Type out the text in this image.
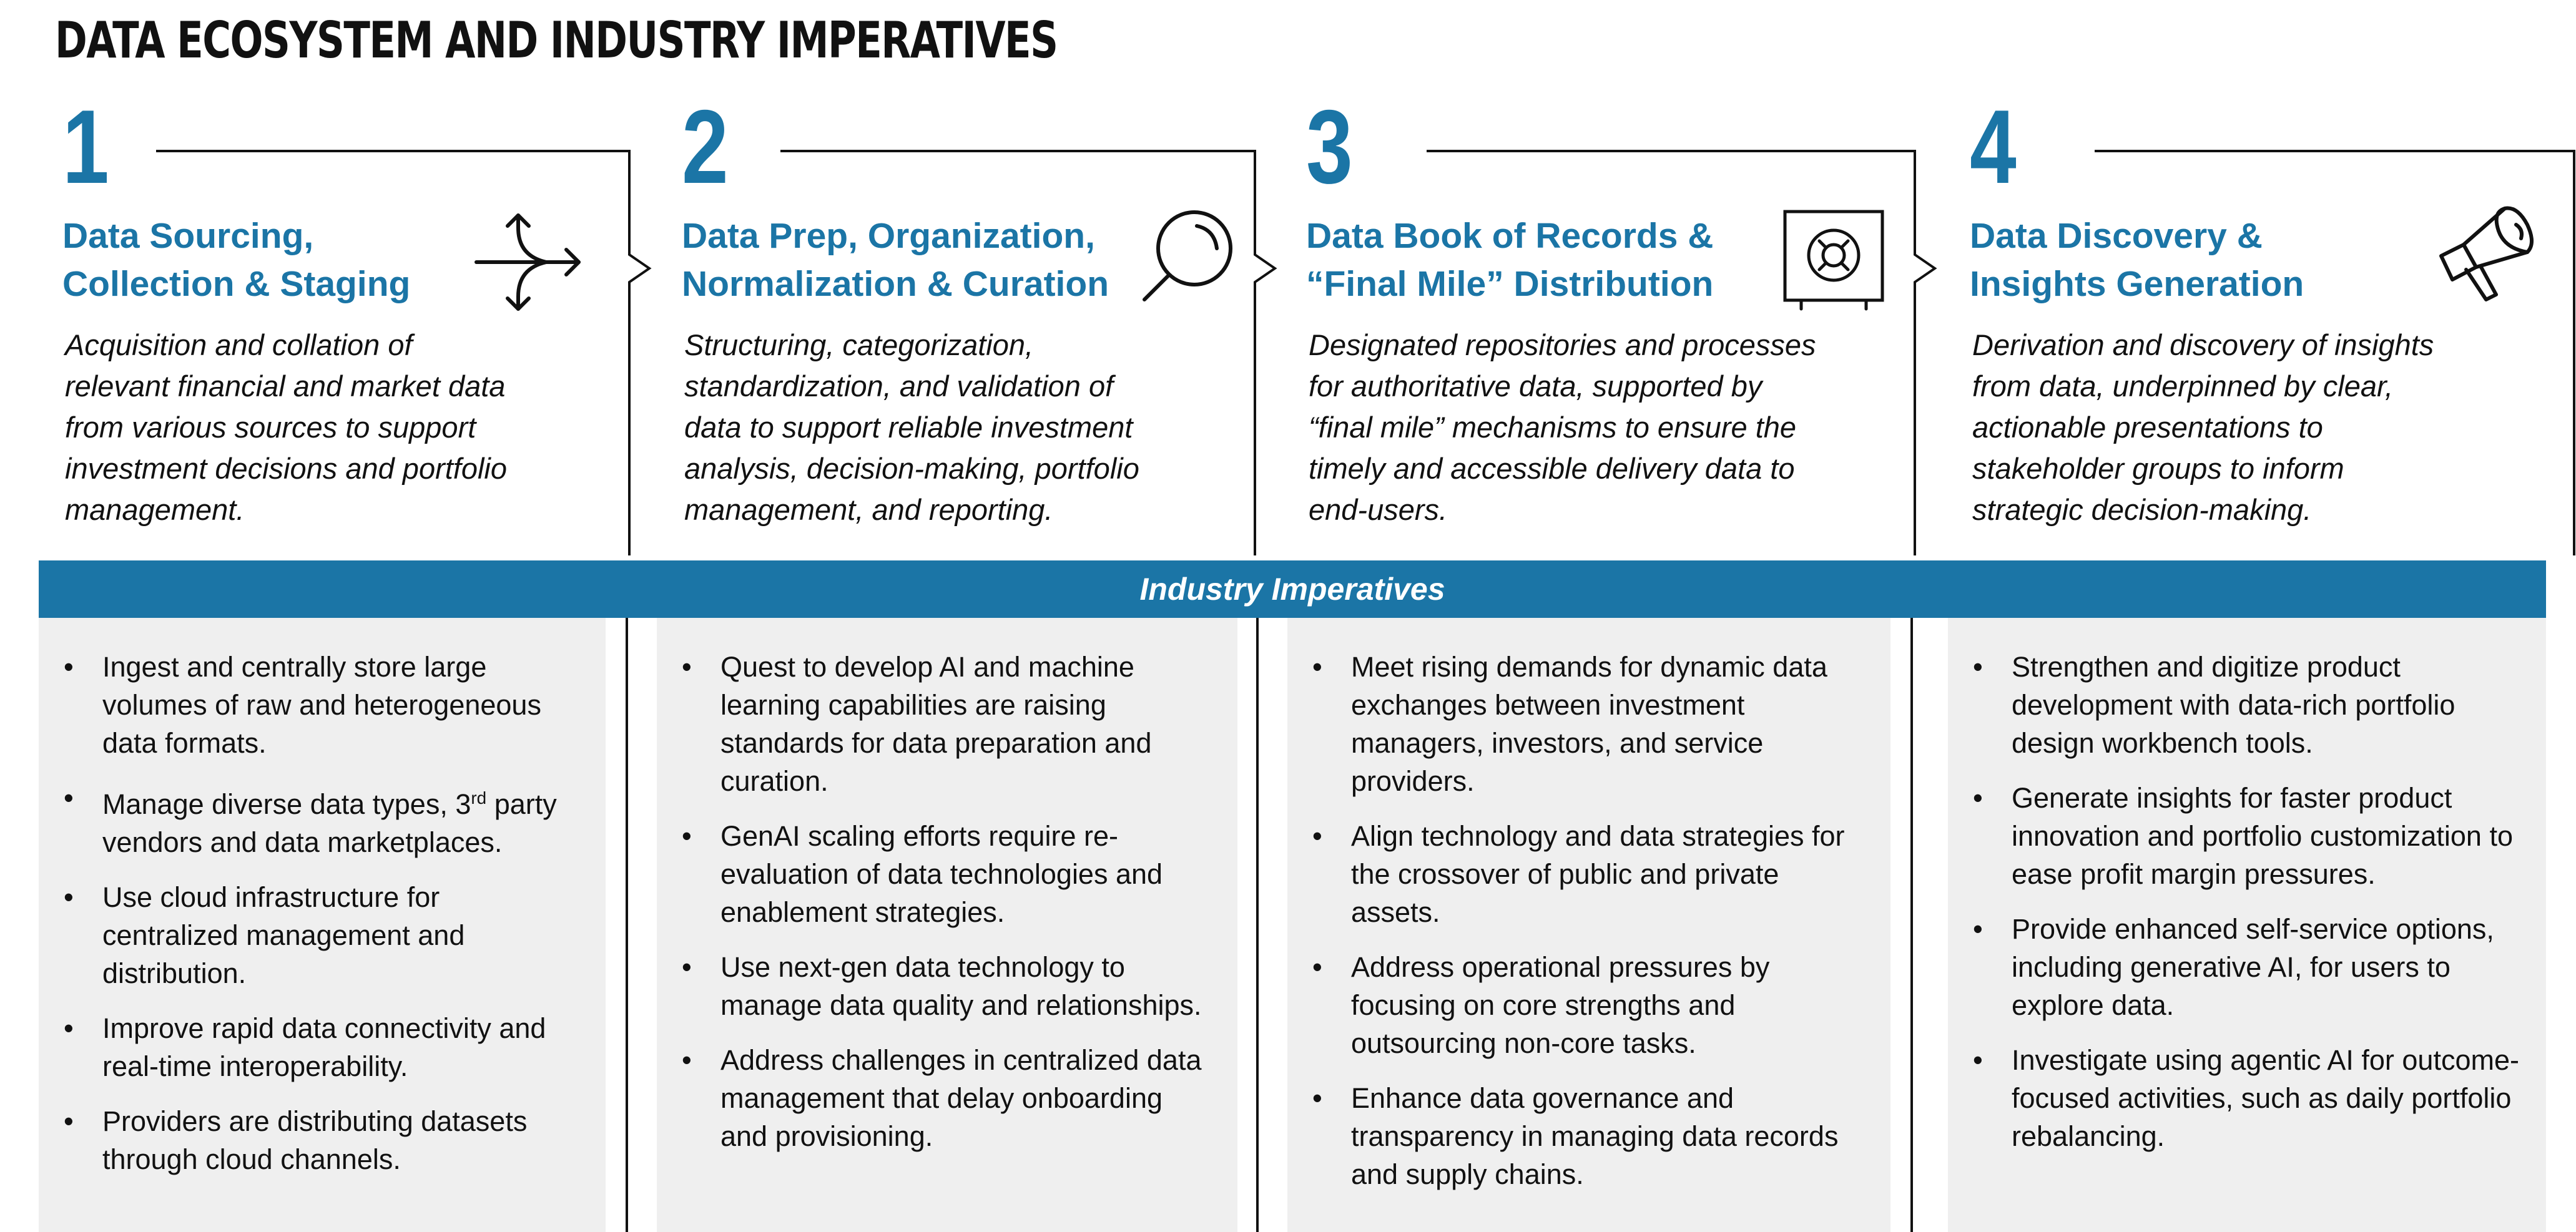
DATA ECOSYSTEM AND INDUSTRY IMPERATIVES
1
Data Sourcing,
Collection & Staging
Acquisition and collation of
relevant financial and market data
from various sources to support
investment decisions and portfolio
management.
2
Data Prep, Organization,
Normalization & Curation
Structuring, categorization,
standardization, and validation of
data to support reliable investment
analysis, decision-making, portfolio
management, and reporting.
3
Data Book of Records &
“Final Mile” Distribution
Designated repositories and processes
for authoritative data, supported by
“final mile” mechanisms to ensure the
timely and accessible delivery data to
end-users.
4
Data Discovery &
Insights Generation
Derivation and discovery of insights
from data, underpinned by clear,
actionable presentations to
stakeholder groups to inform
strategic decision-making.
Industry Imperatives
• Ingest and centrally store large volumes of raw and heterogeneous data formats.
• Manage diverse data types, 3rd party vendors and data marketplaces.
• Use cloud infrastructure for centralized management and distribution.
• Improve rapid data connectivity and real-time interoperability.
• Providers are distributing datasets through cloud channels.
• Quest to develop AI and machine learning capabilities are raising standards for data preparation and curation.
• GenAI scaling efforts require re-evaluation of data technologies and enablement strategies.
• Use next-gen data technology to manage data quality and relationships.
• Address challenges in centralized data management that delay onboarding and provisioning.
• Meet rising demands for dynamic data exchanges between investment managers, investors, and service providers.
• Align technology and data strategies for the crossover of public and private assets.
• Address operational pressures by focusing on core strengths and outsourcing non-core tasks.
• Enhance data governance and transparency in managing data records and supply chains.
• Strengthen and digitize product development with data-rich portfolio design workbench tools.
• Generate insights for faster product innovation and portfolio customization to ease profit margin pressures.
• Provide enhanced self-service options, including generative AI, for users to explore data.
• Investigate using agentic AI for outcome-focused activities, such as daily portfolio rebalancing.
